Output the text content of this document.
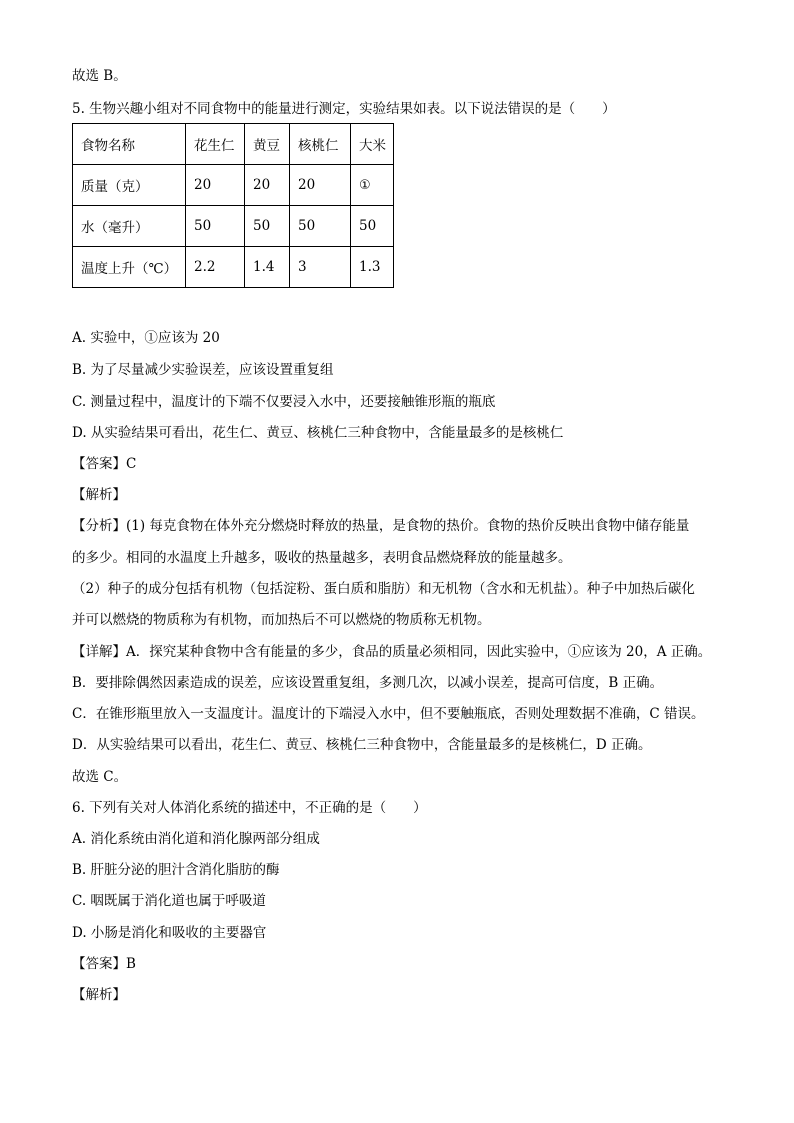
故选 B。
5. 生物兴趣小组对不同食物中的能量进行测定，实验结果如表。以下说法错误的是（　　）
食物名称	花生仁	黄豆	核桃仁	大米
质量（克）	20	20	20	①
水（毫升）	50	50	50	50
温度上升（℃）	2.2	1.4	3	1.3
A. 实验中，①应该为 20
B. 为了尽量减少实验误差，应该设置重复组
C. 测量过程中，温度计的下端不仅要浸入水中，还要接触锥形瓶的瓶底
D. 从实验结果可看出，花生仁、黄豆、核桃仁三种食物中，含能量最多的是核桃仁
【答案】C
【解析】
【分析】(1) 每克食物在体外充分燃烧时释放的热量，是食物的热价。食物的热价反映出食物中储存能量
的多少。相同的水温度上升越多，吸收的热量越多，表明食品燃烧释放的能量越多。
（2）种子的成分包括有机物（包括淀粉、蛋白质和脂肪）和无机物（含水和无机盐）。种子中加热后碳化
并可以燃烧的物质称为有机物，而加热后不可以燃烧的物质称无机物。
【详解】A．探究某种食物中含有能量的多少，食品的质量必须相同，因此实验中，①应该为 20，A 正确。
B．要排除偶然因素造成的误差，应该设置重复组，多测几次，以减小误差，提高可信度，B 正确。
C．在锥形瓶里放入一支温度计。温度计的下端浸入水中，但不要触瓶底，否则处理数据不准确，C 错误。
D．从实验结果可以看出，花生仁、黄豆、核桃仁三种食物中，含能量最多的是核桃仁，D 正确。
故选 C。
6. 下列有关对人体消化系统的描述中，不正确的是（　　）
A. 消化系统由消化道和消化腺两部分组成
B. 肝脏分泌的胆汁含消化脂肪的酶
C. 咽既属于消化道也属于呼吸道
D. 小肠是消化和吸收的主要器官
【答案】B
【解析】
